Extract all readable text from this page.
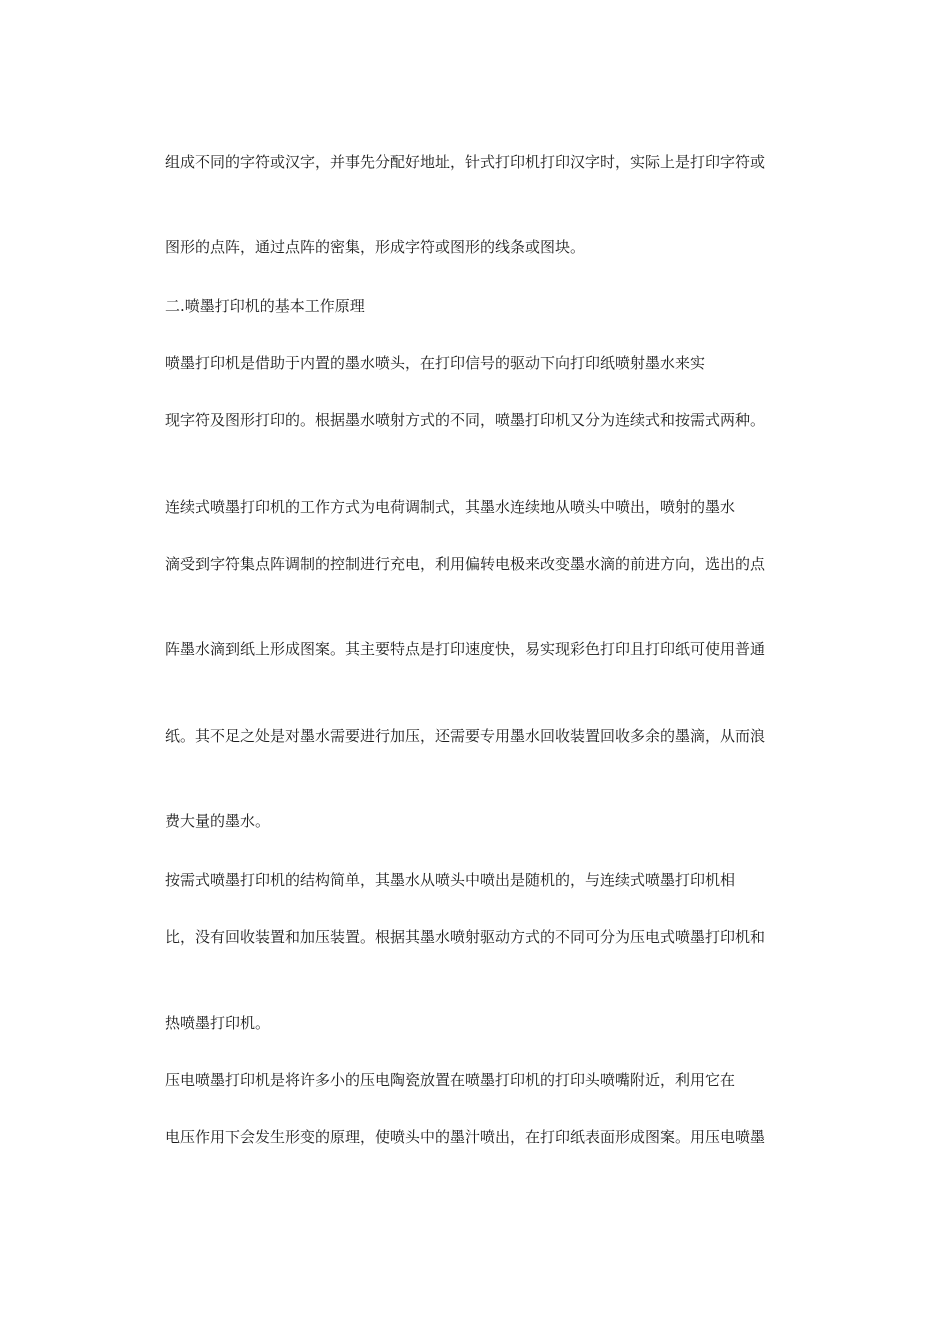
组成不同的字符或汉字，并事先分配好地址，针式打印机打印汉字时，实际上是打印字符或

图形的点阵，通过点阵的密集，形成字符或图形的线条或图块。

二.喷墨打印机的基本工作原理

喷墨打印机是借助于内置的墨水喷头，在打印信号的驱动下向打印纸喷射墨水来实

现字符及图形打印的。根据墨水喷射方式的不同，喷墨打印机又分为连续式和按需式两种。

连续式喷墨打印机的工作方式为电荷调制式，其墨水连续地从喷头中喷出，喷射的墨水

滴受到字符集点阵调制的控制进行充电，利用偏转电极来改变墨水滴的前进方向，选出的点

阵墨水滴到纸上形成图案。其主要特点是打印速度快，易实现彩色打印且打印纸可使用普通

纸。其不足之处是对墨水需要进行加压，还需要专用墨水回收装置回收多余的墨滴，从而浪

费大量的墨水。

按需式喷墨打印机的结构简单，其墨水从喷头中喷出是随机的，与连续式喷墨打印机相

比，没有回收装置和加压装置。根据其墨水喷射驱动方式的不同可分为压电式喷墨打印机和

热喷墨打印机。

压电喷墨打印机是将许多小的压电陶瓷放置在喷墨打印机的打印头喷嘴附近，利用它在

电压作用下会发生形变的原理，使喷头中的墨汁喷出，在打印纸表面形成图案。用压电喷墨
